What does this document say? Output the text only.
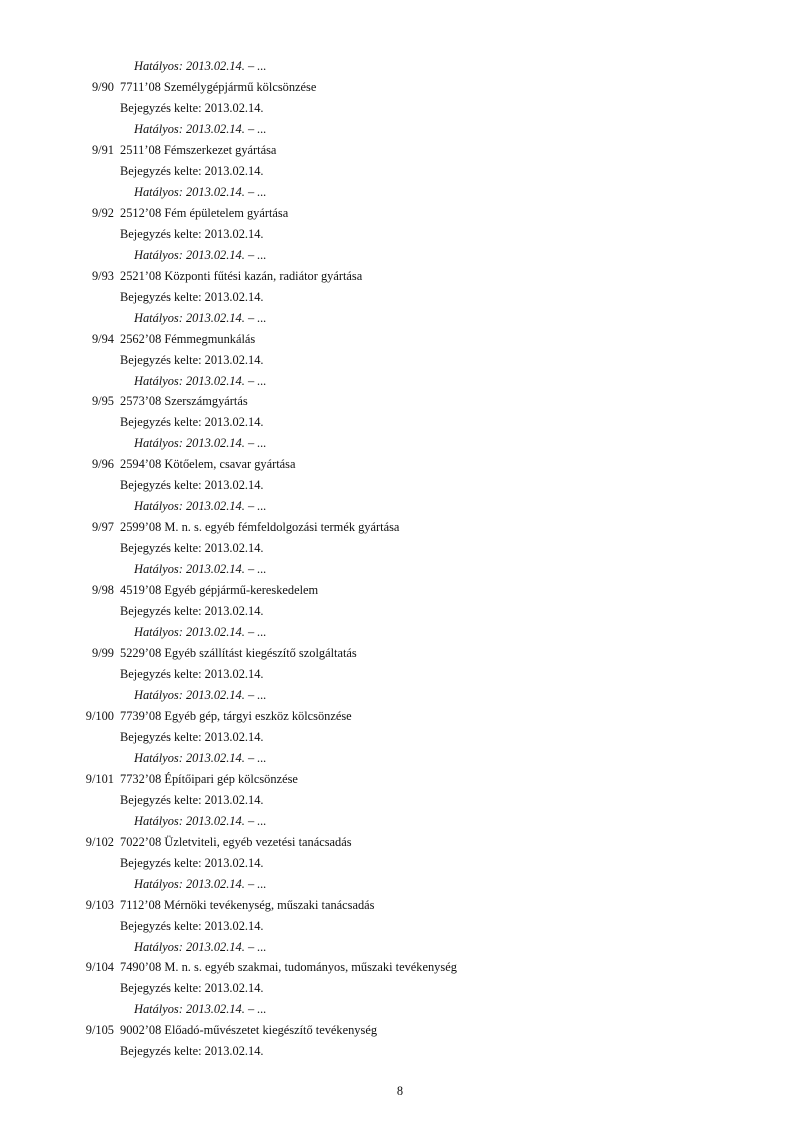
Hatályos: 2013.02.14. – ...
9/90 7711’08 Személygépjármű kölcsönzése
Bejegyzés kelte: 2013.02.14.
Hatályos: 2013.02.14. – ...
9/91 2511’08 Fémszerkezet gyártása
Bejegyzés kelte: 2013.02.14.
Hatályos: 2013.02.14. – ...
9/92 2512’08 Fém épületelem gyártása
Bejegyzés kelte: 2013.02.14.
Hatályos: 2013.02.14. – ...
9/93 2521’08 Központi fűtési kazán, radiátor gyártása
Bejegyzés kelte: 2013.02.14.
Hatályos: 2013.02.14. – ...
9/94 2562’08 Fémmegmunkálás
Bejegyzés kelte: 2013.02.14.
Hatályos: 2013.02.14. – ...
9/95 2573’08 Szerszámgyártás
Bejegyzés kelte: 2013.02.14.
Hatályos: 2013.02.14. – ...
9/96 2594’08 Kötőelem, csavar gyártása
Bejegyzés kelte: 2013.02.14.
Hatályos: 2013.02.14. – ...
9/97 2599’08 M. n. s. egyéb fémfeldolgozási termék gyártása
Bejegyzés kelte: 2013.02.14.
Hatályos: 2013.02.14. – ...
9/98 4519’08 Egyéb gépjármű-kereskedelem
Bejegyzés kelte: 2013.02.14.
Hatályos: 2013.02.14. – ...
9/99 5229’08 Egyéb szállítást kiegészítő szolgáltatás
Bejegyzés kelte: 2013.02.14.
Hatályos: 2013.02.14. – ...
9/100 7739’08 Egyéb gép, tárgyi eszköz kölcsönzése
Bejegyzés kelte: 2013.02.14.
Hatályos: 2013.02.14. – ...
9/101 7732’08 Építőipari gép kölcsönzése
Bejegyzés kelte: 2013.02.14.
Hatályos: 2013.02.14. – ...
9/102 7022’08 Üzletviteli, egyéb vezetési tanácsadás
Bejegyzés kelte: 2013.02.14.
Hatályos: 2013.02.14. – ...
9/103 7112’08 Mérnöki tevékenység, műszaki tanácsadás
Bejegyzés kelte: 2013.02.14.
Hatályos: 2013.02.14. – ...
9/104 7490’08 M. n. s. egyéb szakmai, tudományos, műszaki tevékenység
Bejegyzés kelte: 2013.02.14.
Hatályos: 2013.02.14. – ...
9/105 9002’08 Előadó-művészetet kiegészítő tevékenység
Bejegyzés kelte: 2013.02.14.
8
